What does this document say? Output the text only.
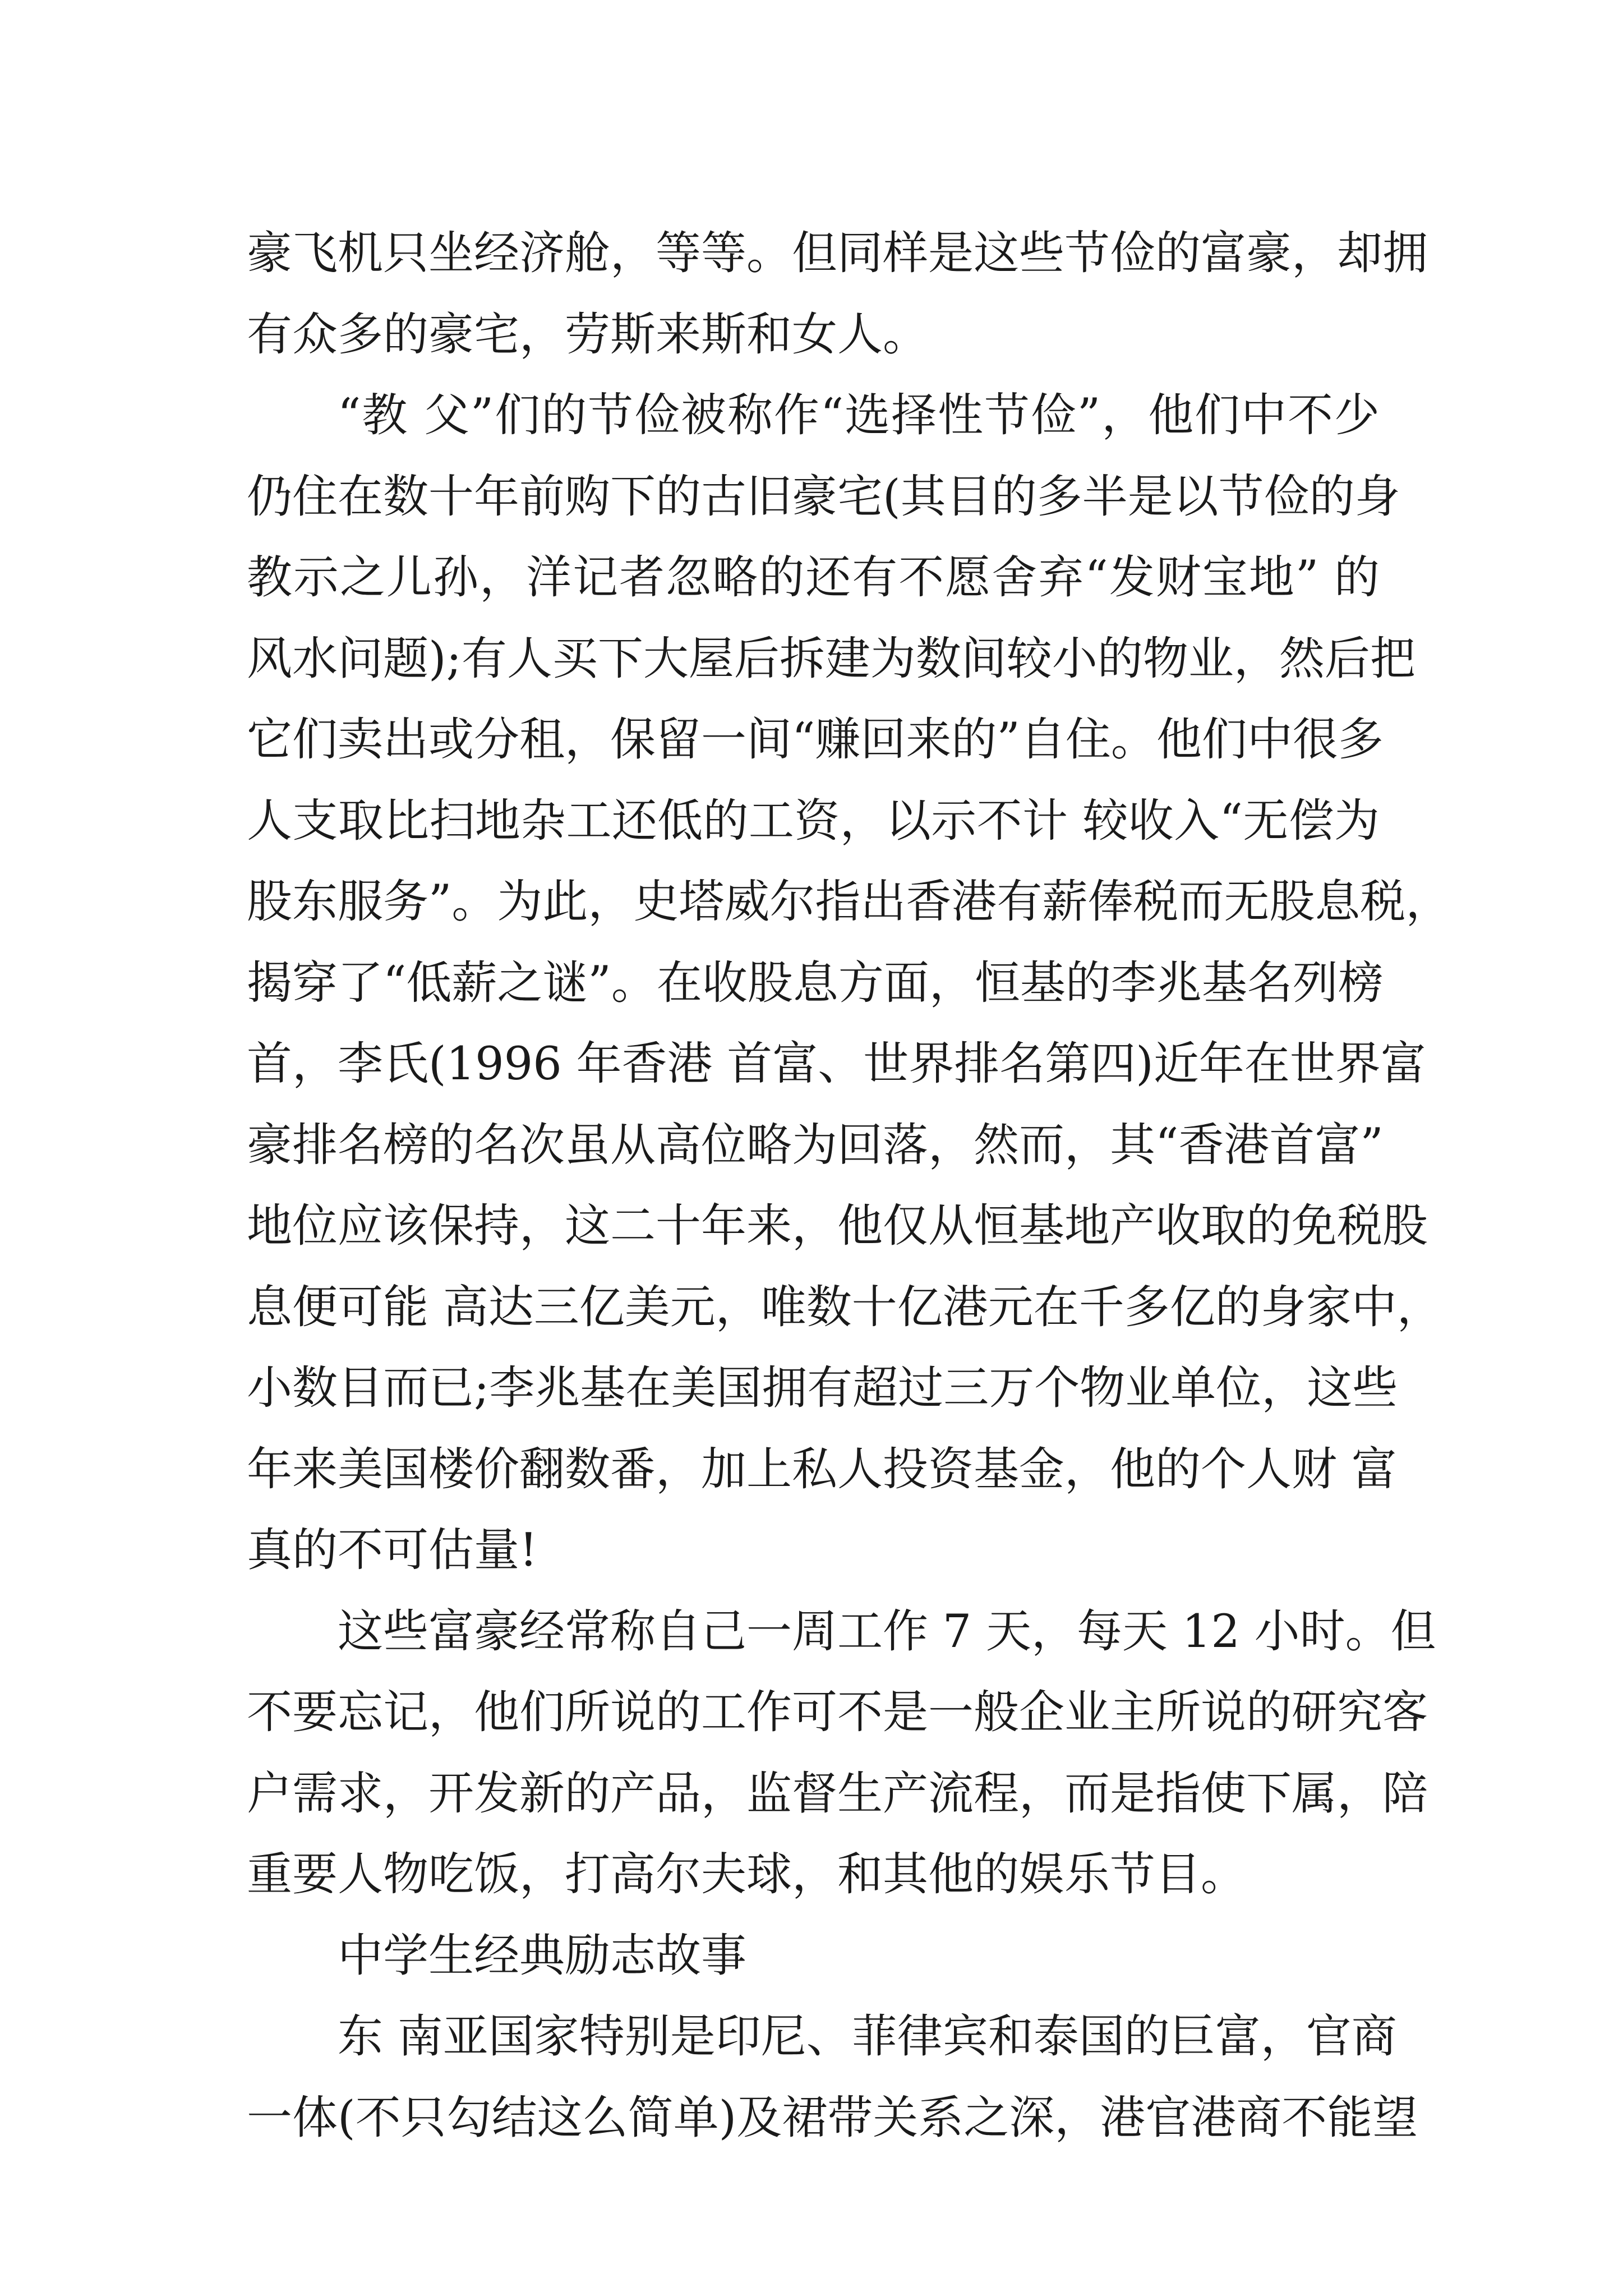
豪飞机只坐经济舱，等等。但同样是这些节俭的富豪，却拥
有众多的豪宅，劳斯来斯和女人。
“教 父”们的节俭被称作“选择性节俭”，他们中不少
仍住在数十年前购下的古旧豪宅(其目的多半是以节俭的身
教示之儿孙，洋记者忽略的还有不愿舍弃“发财宝地” 的
风水问题);有人买下大屋后拆建为数间较小的物业，然后把
它们卖出或分租，保留一间“赚回来的”自住。他们中很多
人支取比扫地杂工还低的工资，以示不计 较收入“无偿为
股东服务”。为此，史塔威尔指出香港有薪俸税而无股息税，
揭穿了“低薪之谜”。在收股息方面，恒基的李兆基名列榜
首，李氏(1996 年香港 首富、世界排名第四)近年在世界富
豪排名榜的名次虽从高位略为回落，然而，其“香港首富”
地位应该保持，这二十年来，他仅从恒基地产收取的免税股
息便可能 高达三亿美元，唯数十亿港元在千多亿的身家中，
小数目而已;李兆基在美国拥有超过三万个物业单位，这些
年来美国楼价翻数番，加上私人投资基金，他的个人财 富
真的不可估量!
这些富豪经常称自己一周工作 7 天，每天 12 小时。但
不要忘记，他们所说的工作可不是一般企业主所说的研究客
户需求，开发新的产品，监督生产流程，而是指使下属，陪
重要人物吃饭，打高尔夫球，和其他的娱乐节目。
中学生经典励志故事
东 南亚国家特别是印尼、菲律宾和泰国的巨富，官商
一体(不只勾结这么简单)及裙带关系之深，港官港商不能望
